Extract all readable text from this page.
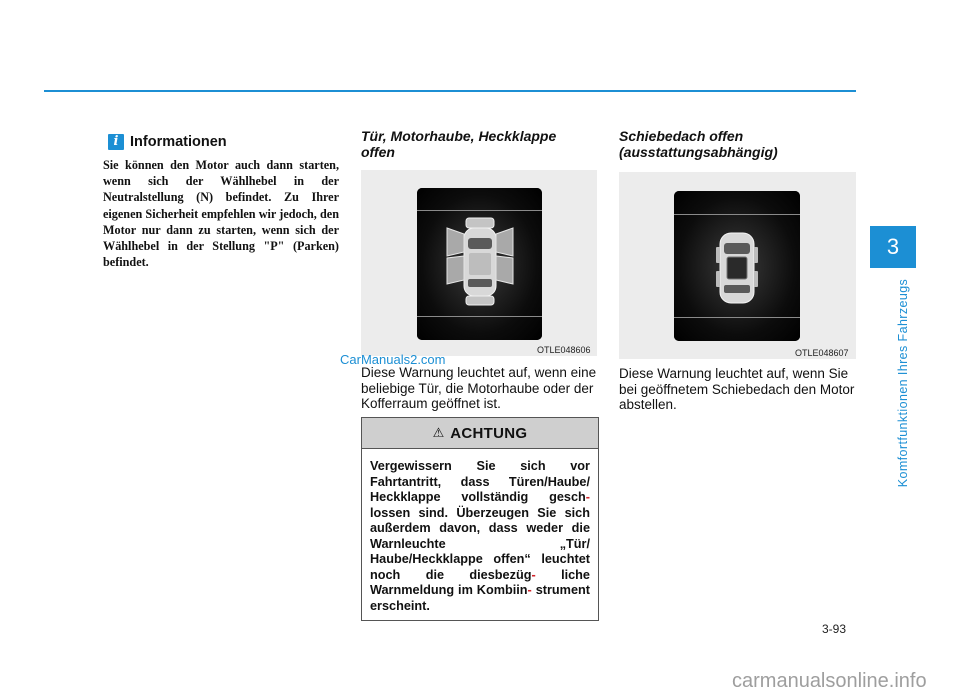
3
Komfortfunktionen Ihres Fahrzeugs
i Informationen
Sie können den Motor auch dann starten, wenn sich der Wählhebel in der Neutralstellung (N) befindet. Zu Ihrer eigenen Sicherheit empfehlen wir jedoch, den Motor nur dann zu starten, wenn sich der Wählhebel in der Stellung "P" (Parken) befindet.
Tür, Motorhaube, Heckklappe
offen
OTLE048606
Diese Warnung leuchtet auf, wenn eine beliebige Tür, die Motorhaube oder der Kofferraum geöffnet ist.
⚠ ACHTUNG
Vergewissern Sie sich vor Fahrtantritt, dass Türen/Haube/ Heckklappe vollständig gesch- lossen sind. Überzeugen Sie sich außerdem davon, dass weder die Warnleuchte „Tür/ Haube/Heckklappe offen“ leuchtet noch die diesbezüg- liche Warnmeldung im Kombiin- strument erscheint.
Schiebedach offen
(ausstattungsabhängig)
OTLE048607
Diese Warnung leuchtet auf, wenn Sie bei geöffnetem Schiebedach den Motor abstellen.
3-93
CarManuals2.com
carmanualsonline.info
